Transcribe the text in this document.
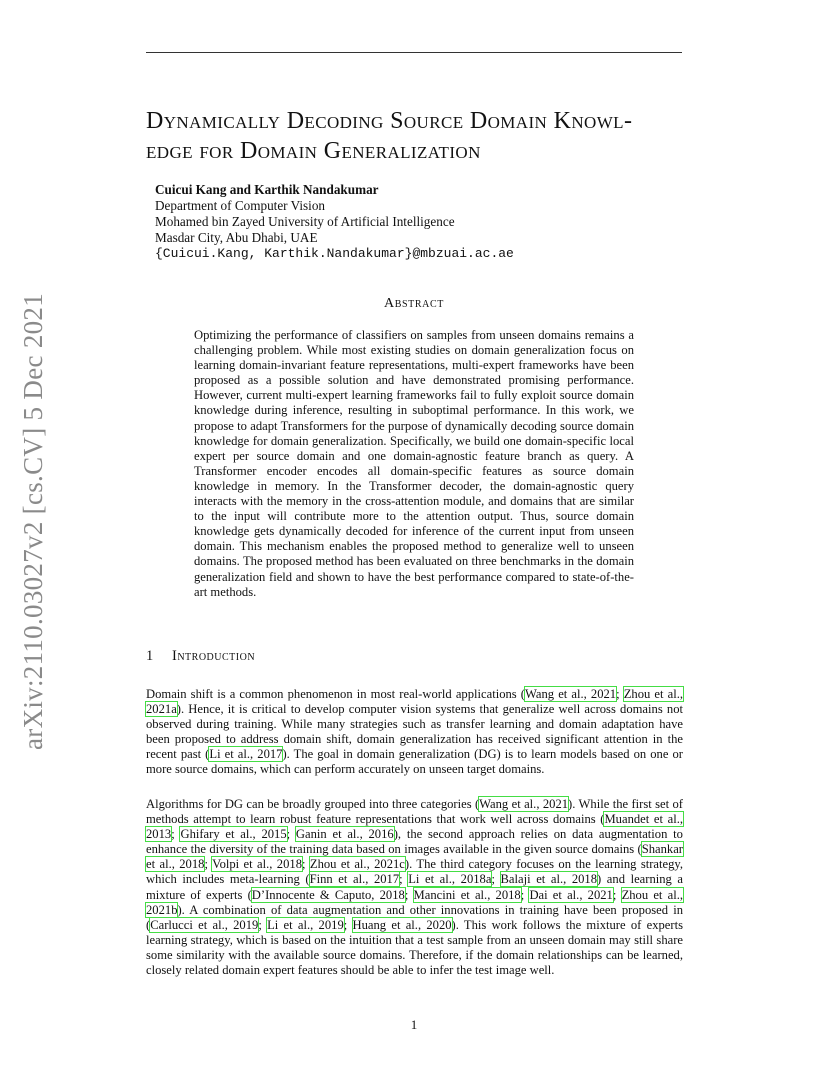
arXiv:2110.03027v2 [cs.CV] 5 Dec 2021
Dynamically Decoding Source Domain Knowl-
edge for Domain Generalization
Cuicui Kang and Karthik Nandakumar
Department of Computer Vision
Mohamed bin Zayed University of Artificial Intelligence
Masdar City, Abu Dhabi, UAE
{Cuicui.Kang, Karthik.Nandakumar}@mbzuai.ac.ae
Abstract
Optimizing the performance of classifiers on samples from unseen domains remains a challenging problem. While most existing studies on domain generalization focus on learning domain-invariant feature representations, multi-expert frameworks have been proposed as a possible solution and have demonstrated promising performance. However, current multi-expert learning frameworks fail to fully exploit source domain knowledge during inference, resulting in suboptimal performance. In this work, we propose to adapt Transformers for the purpose of dynamically decoding source domain knowledge for domain generalization. Specifically, we build one domain-specific local expert per source domain and one domain-agnostic feature branch as query. A Transformer encoder encodes all domain-specific features as source domain knowledge in memory. In the Transformer decoder, the domain-agnostic query interacts with the memory in the cross-attention module, and domains that are similar to the input will contribute more to the attention output. Thus, source domain knowledge gets dynamically decoded for inference of the current input from unseen domain. This mechanism enables the proposed method to generalize well to unseen domains. The proposed method has been evaluated on three benchmarks in the domain generalization field and shown to have the best performance compared to state-of-the-art methods.
1 Introduction
Domain shift is a common phenomenon in most real-world applications (Wang et al., 2021; Zhou et al., 2021a). Hence, it is critical to develop computer vision systems that generalize well across domains not observed during training. While many strategies such as transfer learning and domain adaptation have been proposed to address domain shift, domain generalization has received significant attention in the recent past (Li et al., 2017). The goal in domain generalization (DG) is to learn models based on one or more source domains, which can perform accurately on unseen target domains.
Algorithms for DG can be broadly grouped into three categories (Wang et al., 2021). While the first set of methods attempt to learn robust feature representations that work well across domains (Muandet et al., 2013; Ghifary et al., 2015; Ganin et al., 2016), the second approach relies on data augmentation to enhance the diversity of the training data based on images available in the given source domains (Shankar et al., 2018; Volpi et al., 2018; Zhou et al., 2021c). The third category focuses on the learning strategy, which includes meta-learning (Finn et al., 2017; Li et al., 2018a; Balaji et al., 2018) and learning a mixture of experts (D’Innocente & Caputo, 2018; Mancini et al., 2018; Dai et al., 2021; Zhou et al., 2021b). A combination of data augmentation and other innovations in training have been proposed in (Carlucci et al., 2019; Li et al., 2019; Huang et al., 2020). This work follows the mixture of experts learning strategy, which is based on the intuition that a test sample from an unseen domain may still share some similarity with the available source domains. Therefore, if the domain relationships can be learned, closely related domain expert features should be able to infer the test image well.
1
